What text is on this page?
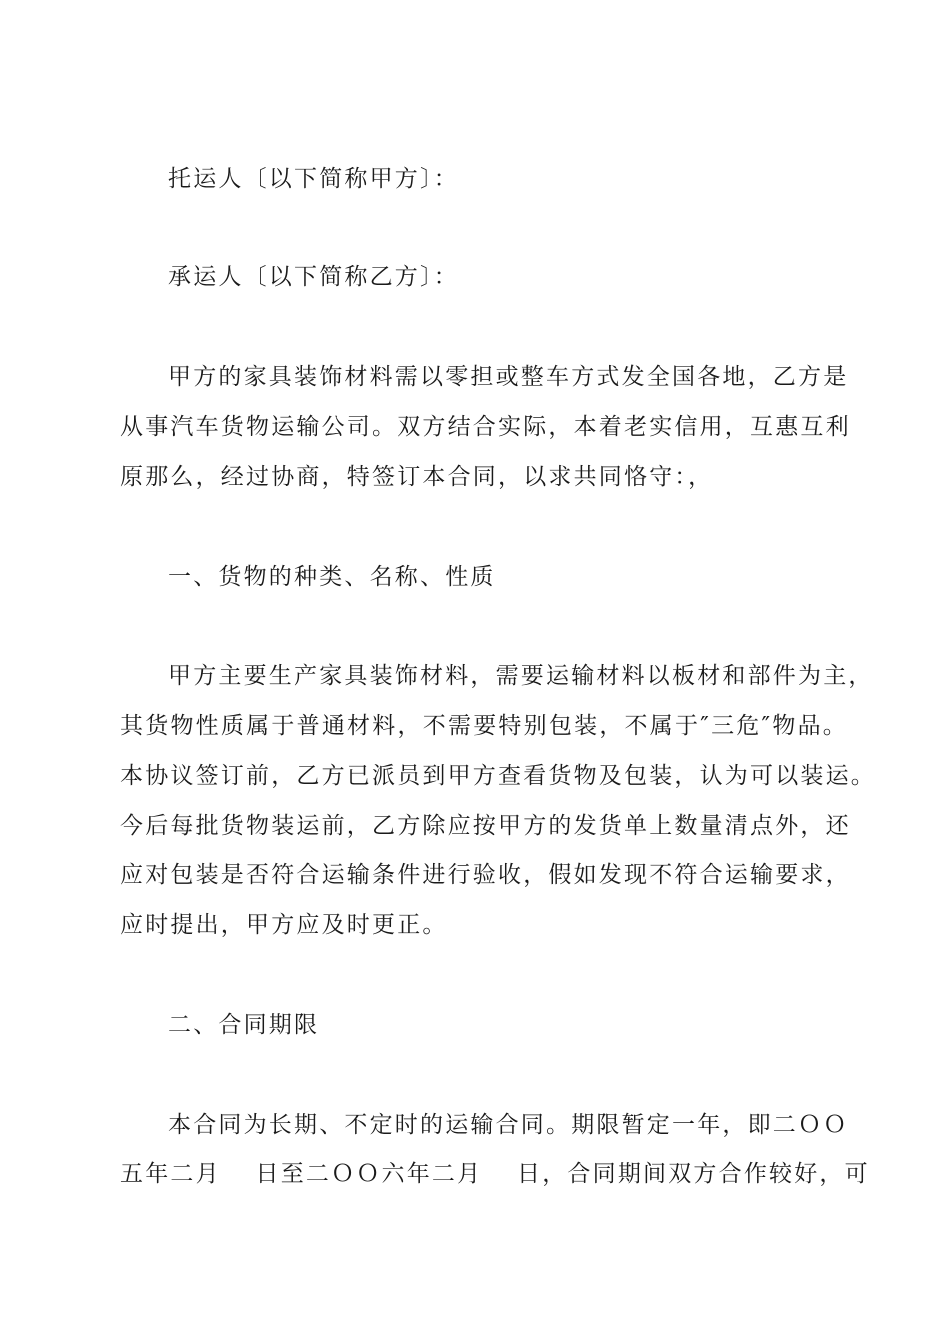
托运人〔以下简称甲方〕：
承运人〔以下简称乙方〕：
甲方的家具装饰材料需以零担或整车方式发全国各地，乙方是
从事汽车货物运输公司。双方结合实际，本着老实信用，互惠互利
原那么，经过协商，特签订本合同，以求共同恪守：，
一、货物的种类、名称、性质
甲方主要生产家具装饰材料，需要运输材料以板材和部件为主，
其货物性质属于普通材料，不需要特别包装，不属于″三危″物品。
本协议签订前，乙方已派员到甲方查看货物及包装，认为可以装运。
今后每批货物装运前，乙方除应按甲方的发货单上数量清点外，还
应对包装是否符合运输条件进行验收，假如发现不符合运输要求，
应时提出，甲方应及时更正。
二、合同期限
本合同为长期、不定时的运输合同。期限暂定一年，即二ＯＯ
五年二月　 日至二ＯＯ六年二月　 日，合同期间双方合作较好，可
